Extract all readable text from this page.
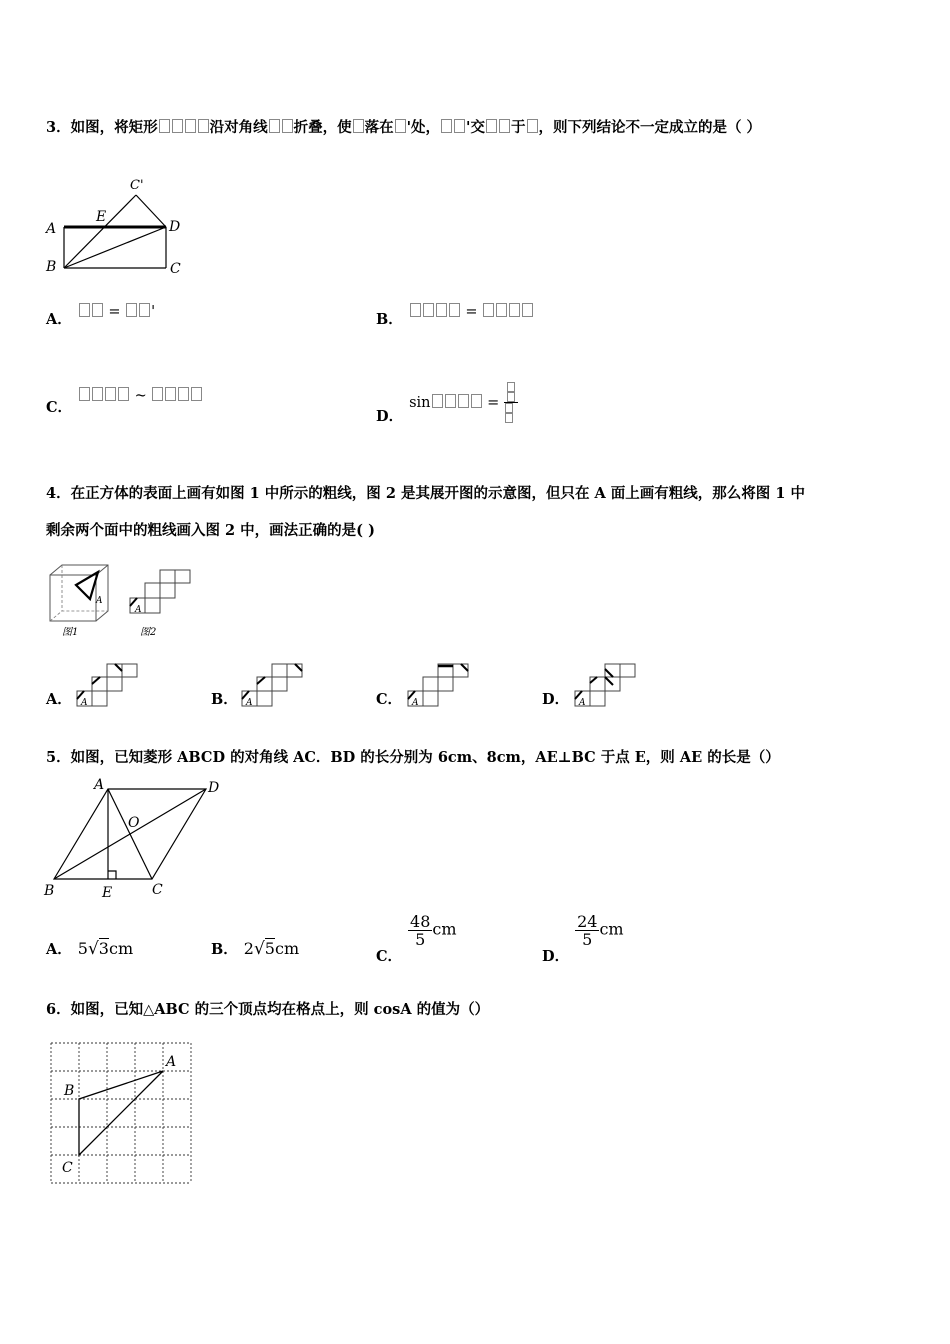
3．如图，将矩形	沿对角线 折叠，使 落在 '处， '交 于 ，则下列结论不一定成立的是（ ）
A
E
C'
D
B	C
A．	= '	B．	=
C． ~
D．sin	=
4．在正方体的表面上画有如图 1 中所示的粗线，图 2 是其展开图的示意图，但只在 A 面上画有粗线，那么将图 1 中
剩余两个面中的粗线画入图 2 中，画法正确的是( )
A
图1
A
图2
A．	A	B． A	C．	A	D．	A
5．如图，已知菱形 ABCD 的对角线 AC．BD 的长分别为 6cm、8cm，AE⊥BC 于点 E，则 AE 的长是（）
A	D
O
B	E	C
A． 5√3cm	B． 2√5cm	C．
$\frac{48}{5}$ cm
D．
$\frac{24}{5}$ cm
6．如图，已知△ABC 的三个顶点均在格点上，则 cosA 的值为（）
A
B
C
